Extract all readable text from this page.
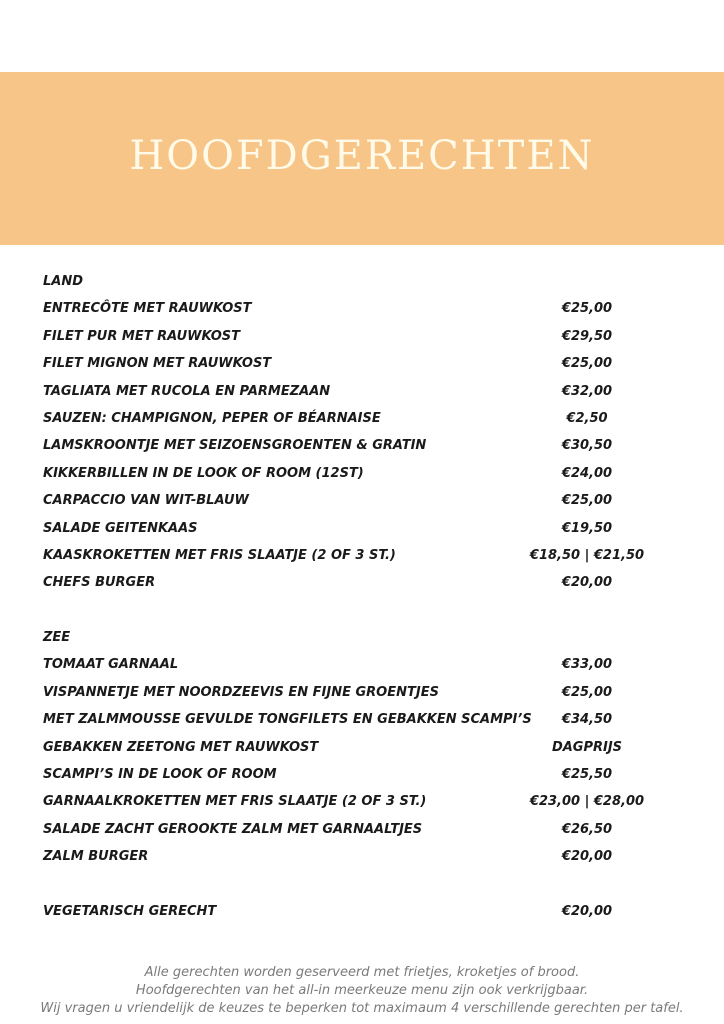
HOOFDGERECHTEN
LAND
ENTRECÔTE MET RAUWKOST	€25,00
FILET PUR MET RAUWKOST	€29,50
FILET MIGNON MET RAUWKOST	€25,00
TAGLIATA MET RUCOLA EN PARMEZAAN	€32,00
SAUZEN: CHAMPIGNON, PEPER OF BÉARNAISE	€2,50
LAMSKROONTJE MET SEIZOENSGROENTEN & GRATIN	€30,50
KIKKERBILLEN IN DE LOOK OF ROOM (12ST)	€24,00
CARPACCIO VAN WIT-BLAUW	€25,00
SALADE GEITENKAAS	€19,50
KAASKROKETTEN MET FRIS SLAATJE (2 OF 3 ST.)	€18,50 | €21,50
CHEFS BURGER	€20,00
ZEE
TOMAAT GARNAAL	€33,00
VISPANNETJE MET NOORDZEEVIS EN FIJNE GROENTJES	€25,00
MET ZALMMOUSSE GEVULDE TONGFILETS EN GEBAKKEN SCAMPI’S	€34,50
GEBAKKEN ZEETONG MET RAUWKOST	DAGPRIJS
SCAMPI’S IN DE LOOK OF ROOM	€25,50
GARNAALKROKETTEN MET FRIS SLAATJE (2 OF 3 ST.)	€23,00 | €28,00
SALADE ZACHT GEROOKTE ZALM MET GARNAALTJES	€26,50
ZALM BURGER	€20,00
VEGETARISCH GERECHT	€20,00
Alle gerechten worden geserveerd met frietjes, kroketjes of brood.
Hoofdgerechten van het all-in meerkeuze menu zijn ook verkrijgbaar.
Wij vragen u vriendelijk de keuzes te beperken tot maximaum 4 verschillende gerechten per tafel.
